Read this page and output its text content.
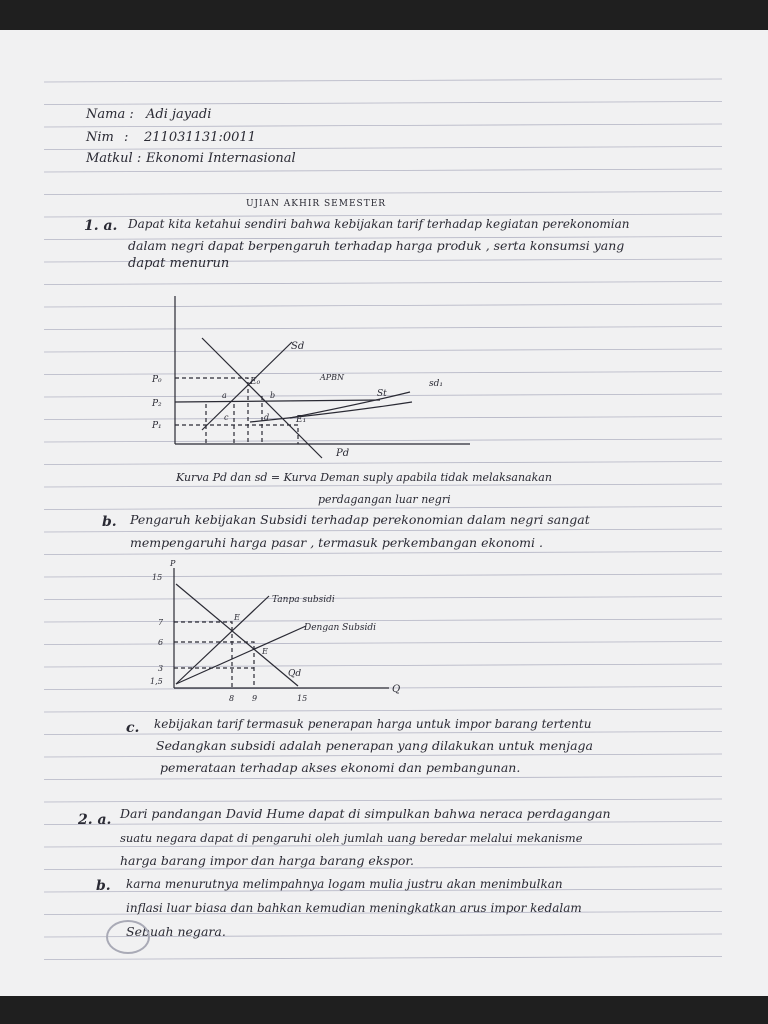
Nama : Adi jayadi
Nim : 211031131:0011
Matkul : Ekonomi Internasional
UJIAN AKHIR SEMESTER
1. a. Dapat kita ketahui sendiri bahwa kebijakan tarif terhadap kegiatan perekonomian
dalam negri dapat berpengaruh terhadap harga produk , serta konsumsi yang
dapat menurun
Sd
APBN
sd₁
St
Pd
P₀
P₂
P₁
E₀
a	b
c	d	E₁
Kurva Pd dan sd = Kurva Deman suply apabila tidak melaksanakan
perdagangan luar negri
b. Pengaruh kebijakan Subsidi terhadap perekonomian dalam negri sangat
mempengaruhi harga pasar , termasuk perkembangan ekonomi .
P
Q
15
7
6
3
1,5
8 9	15
Tanpa subsidi
Dengan Subsidi
Qd
E
E
c. kebijakan tarif termasuk penerapan harga untuk impor barang tertentu
Sedangkan subsidi adalah penerapan yang dilakukan untuk menjaga
pemerataan terhadap akses ekonomi dan pembangunan.
2. a. Dari pandangan David Hume dapat di simpulkan bahwa neraca perdagangan
suatu negara dapat di pengaruhi oleh jumlah uang beredar melalui mekanisme
harga barang impor dan harga barang ekspor.
b. karna menurutnya melimpahnya logam mulia justru akan menimbulkan
inflasi luar biasa dan bahkan kemudian meningkatkan arus impor kedalam
Sebuah negara.
